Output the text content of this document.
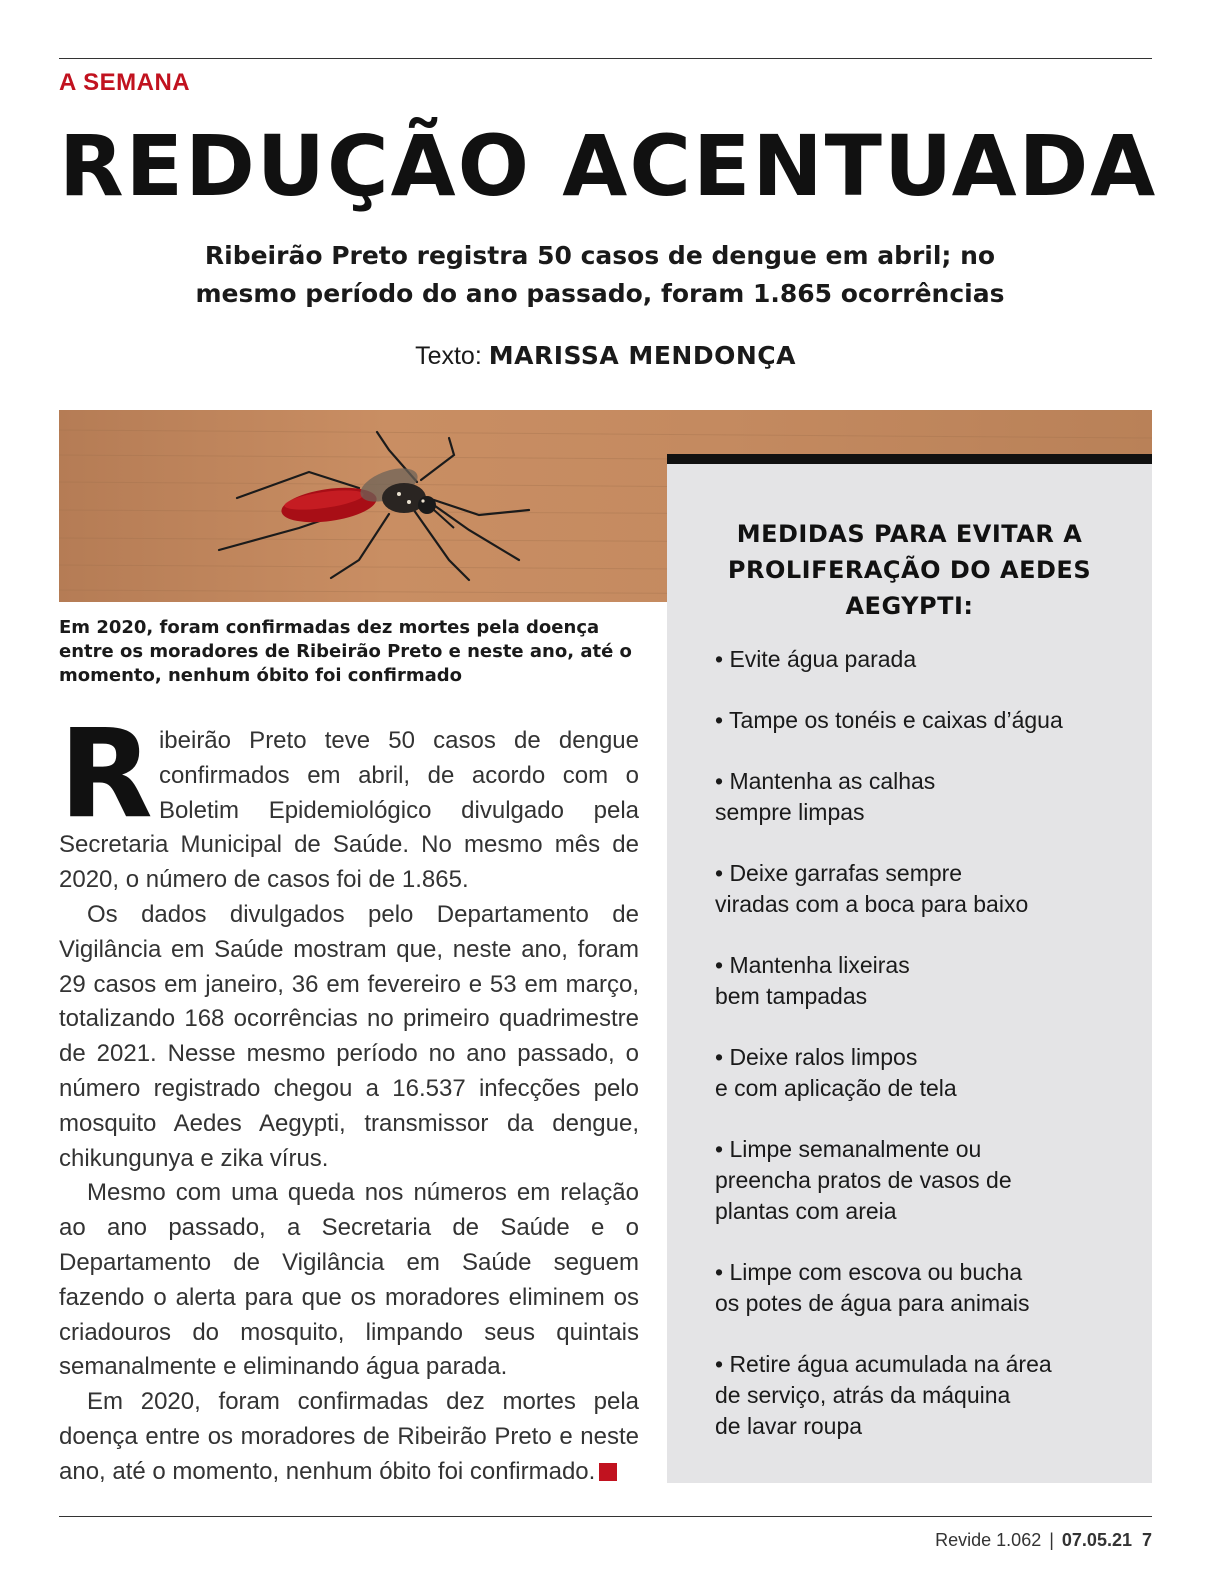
A SEMANA
REDUÇÃO ACENTUADA
Ribeirão Preto registra 50 casos de dengue em abril; no mesmo período do ano passado, foram 1.865 ocorrências
Texto: MARISSA MENDONÇA
Em 2020, foram confirmadas dez mortes pela doença entre os moradores de Ribeirão Preto e neste ano, até o momento, nenhum óbito foi confirmado

Ribeirão Preto teve 50 casos de dengue confirmados em abril, de acordo com o Boletim Epidemiológico divulgado pela Secretaria Municipal de Saúde. No mesmo mês de 2020, o número de casos foi de 1.865.

Os dados divulgados pelo Departamento de Vigilância em Saúde mostram que, neste ano, foram 29 casos em janeiro, 36 em fevereiro e 53 em março, totalizando 168 ocorrências no primeiro quadrimestre de 2021. Nesse mesmo período no ano passado, o número registrado chegou a 16.537 infecções pelo mosquito Aedes Aegypti, transmissor da dengue, chikungunya e zika vírus.

Mesmo com uma queda nos números em relação ao ano passado, a Secretaria de Saúde e o Departamento de Vigilância em Saúde seguem fazendo o alerta para que os moradores eliminem os criadouros do mosquito, limpando seus quintais semanalmente e eliminando água parada.

Em 2020, foram confirmadas dez mortes pela doença entre os moradores de Ribeirão Preto e neste ano, até o momento, nenhum óbito foi confirmado. R

MEDIDAS PARA EVITAR A PROLIFERAÇÃO DO AEDES AEGYPTI:
• Evite água parada
• Tampe os tonéis e caixas d’água
• Mantenha as calhas
sempre limpas
• Deixe garrafas sempre
viradas com a boca para baixo
• Mantenha lixeiras
bem tampadas
• Deixe ralos limpos
e com aplicação de tela
• Limpe semanalmente ou
preencha pratos de vasos de
plantas com areia
• Limpe com escova ou bucha
os potes de água para animais
• Retire água acumulada na área
de serviço, atrás da máquina
de lavar roupa
Revide 1.062 | 07.05.21 7
